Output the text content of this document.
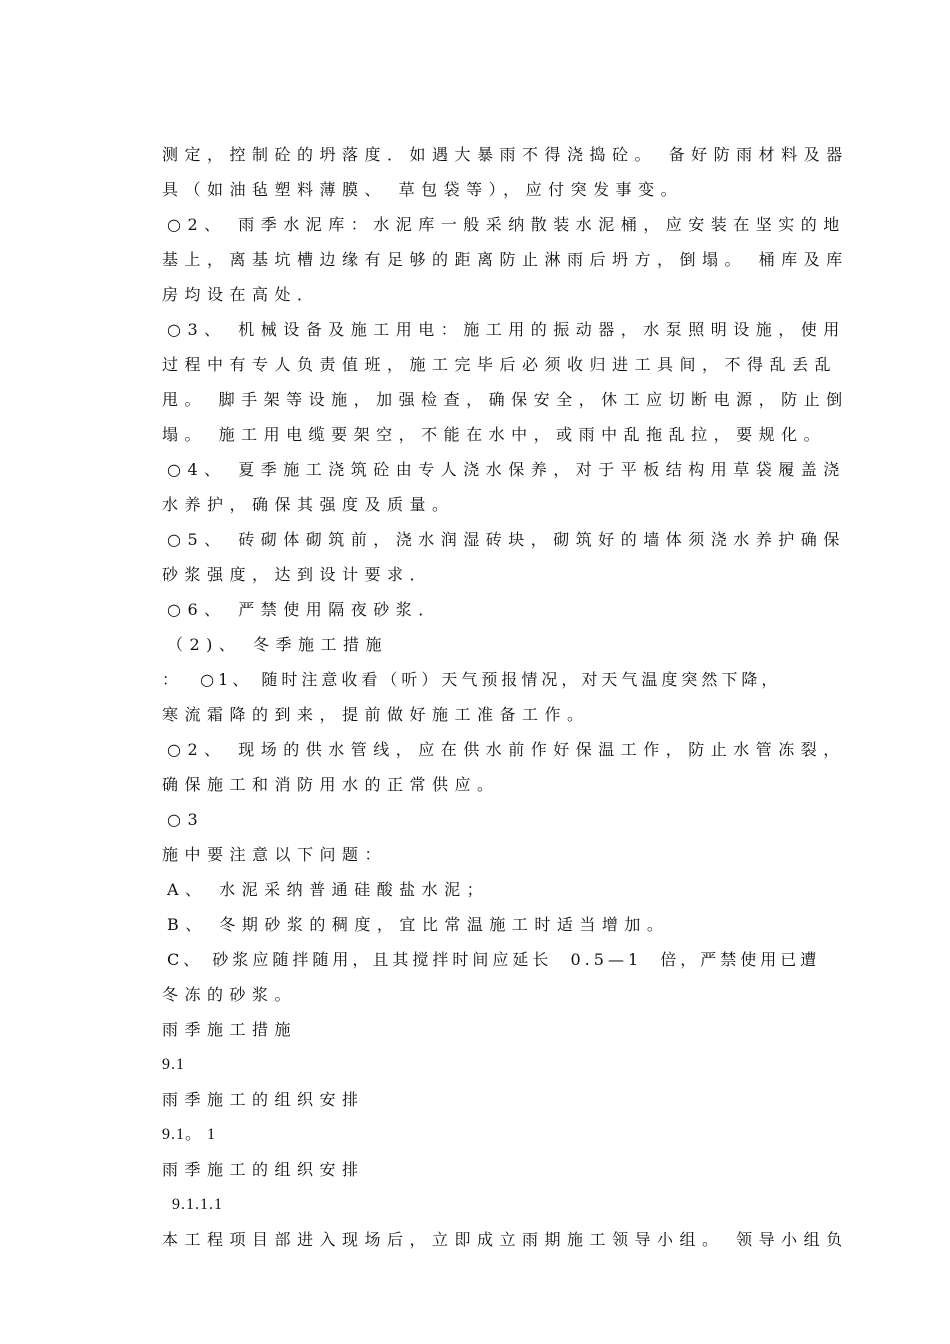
测定，控制砼的坍落度．如遇大暴雨不得浇捣砼。 备好防雨材料及器
具（如油毡塑料薄膜、 草包袋等），应付突发事变。
○2、 雨季水泥库：水泥库一般采纳散装水泥桶，应安装在坚实的地
基上，离基坑槽边缘有足够的距离防止淋雨后坍方，倒塌。 桶库及库
房均设在高处．
○3、 机械设备及施工用电：施工用的振动器，水泵照明设施，使用
过程中有专人负责值班，施工完毕后必须收归进工具间，不得乱丢乱
甩。 脚手架等设施，加强检查，确保安全，休工应切断电源，防止倒
塌。 施工用电缆要架空，不能在水中，或雨中乱拖乱拉，要规化。
○4、 夏季施工浇筑砼由专人浇水保养，对于平板结构用草袋履盖浇
水养护，确保其强度及质量。
○5、 砖砌体砌筑前，浇水润湿砖块，砌筑好的墙体须浇水养护确保
砂浆强度，达到设计要求．
○6、 严禁使用隔夜砂浆．
（2)、 冬季施工措施
：  ○1、 随时注意收看（听）天气预报情况，对天气温度突然下降，
寒流霜降的到来，提前做好施工准备工作。
○2、 现场的供水管线，应在供水前作好保温工作，防止水管冻裂，
确保施工和消防用水的正常供应。
○3
施中要注意以下问题：
A、 水泥采纳普通硅酸盐水泥；
B、 冬期砂浆的稠度，宜比常温施工时适当增加。
C、 砂浆应随拌随用，且其搅拌时间应延长  0.5—1  倍，严禁使用已遭
冬冻的砂浆。
雨季施工措施
9.1
雨季施工的组织安排
9.1。 1
雨季施工的组织安排
9.1.1.1
本工程项目部进入现场后，立即成立雨期施工领导小组。 领导小组负
